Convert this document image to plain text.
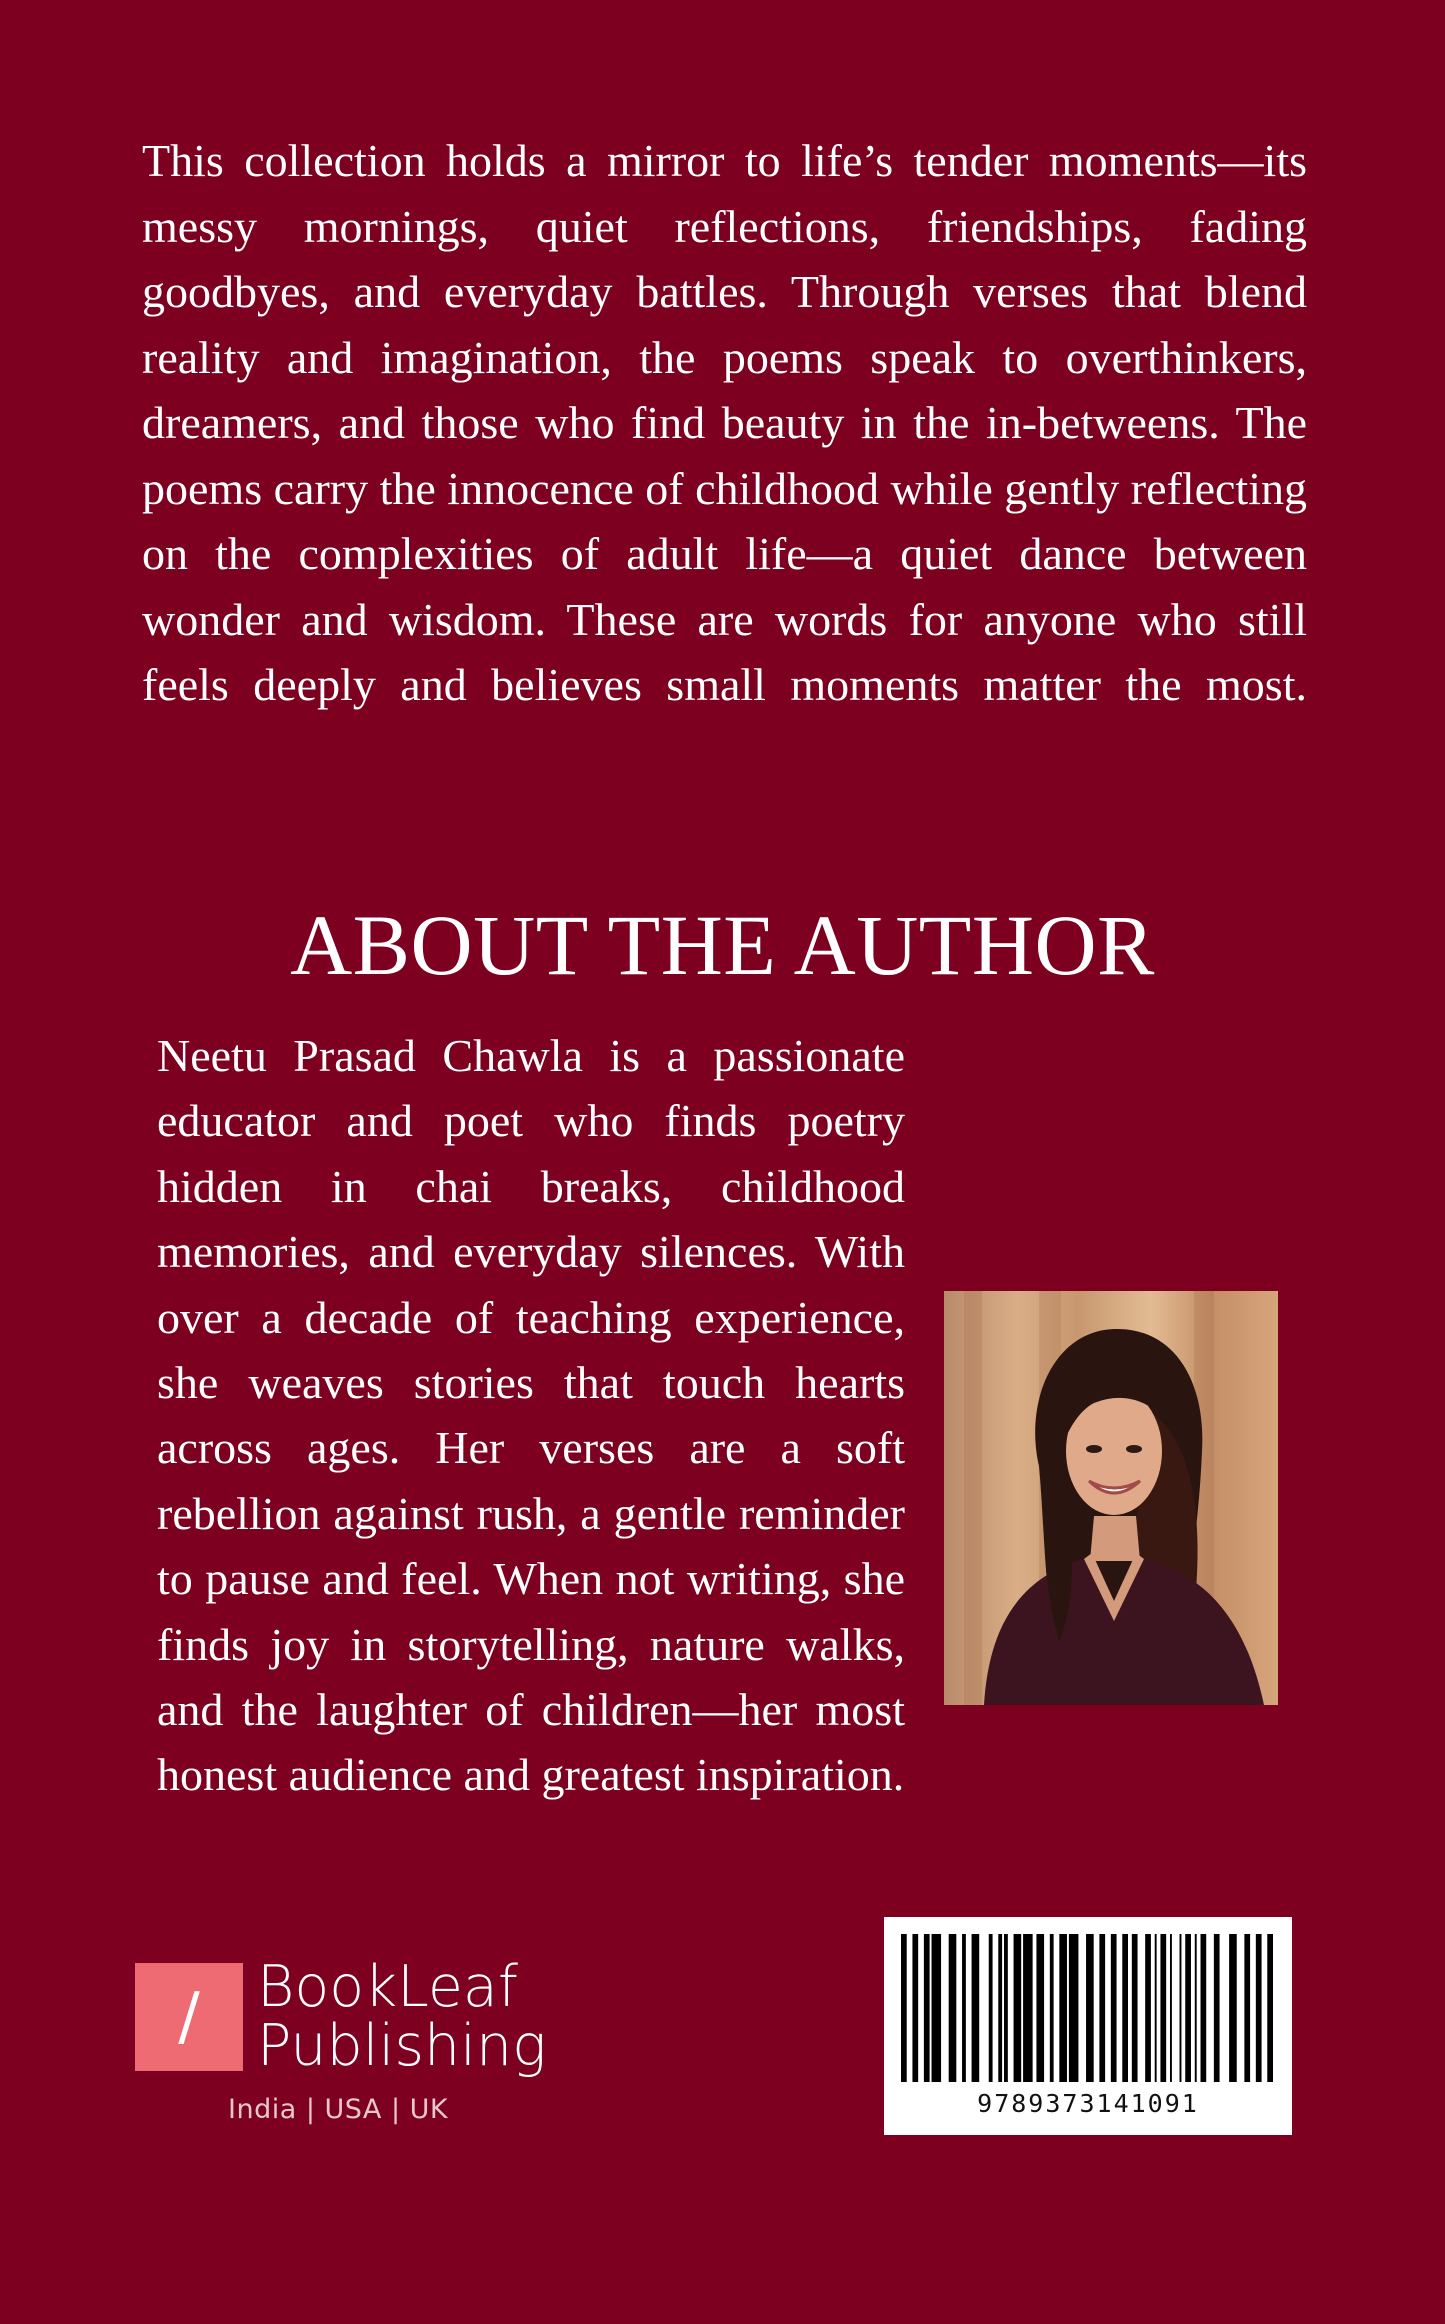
This collection holds a mirror to life’s tender moments—its messy mornings, quiet reflections, friendships, fading goodbyes, and everyday battles. Through verses that blend reality and imagination, the poems speak to overthinkers, dreamers, and those who find beauty in the in-betweens. The poems carry the innocence of childhood while gently reflecting on the complexities of adult life—a quiet dance between wonder and wisdom. These are words for anyone who still feels deeply and believes small moments matter the most.

ABOUT THE AUTHOR

Neetu Prasad Chawla is a passionate educator and poet who finds poetry hidden in chai breaks, childhood memories, and everyday silences. With over a decade of teaching experience, she weaves stories that touch hearts across ages. Her verses are a soft rebellion against rush, a gentle reminder to pause and feel. When not writing, she finds joy in storytelling, nature walks, and the laughter of children—her most honest audience and greatest inspiration.

/	BookLeaf
Publishing

India | USA | UK	9789373141091
